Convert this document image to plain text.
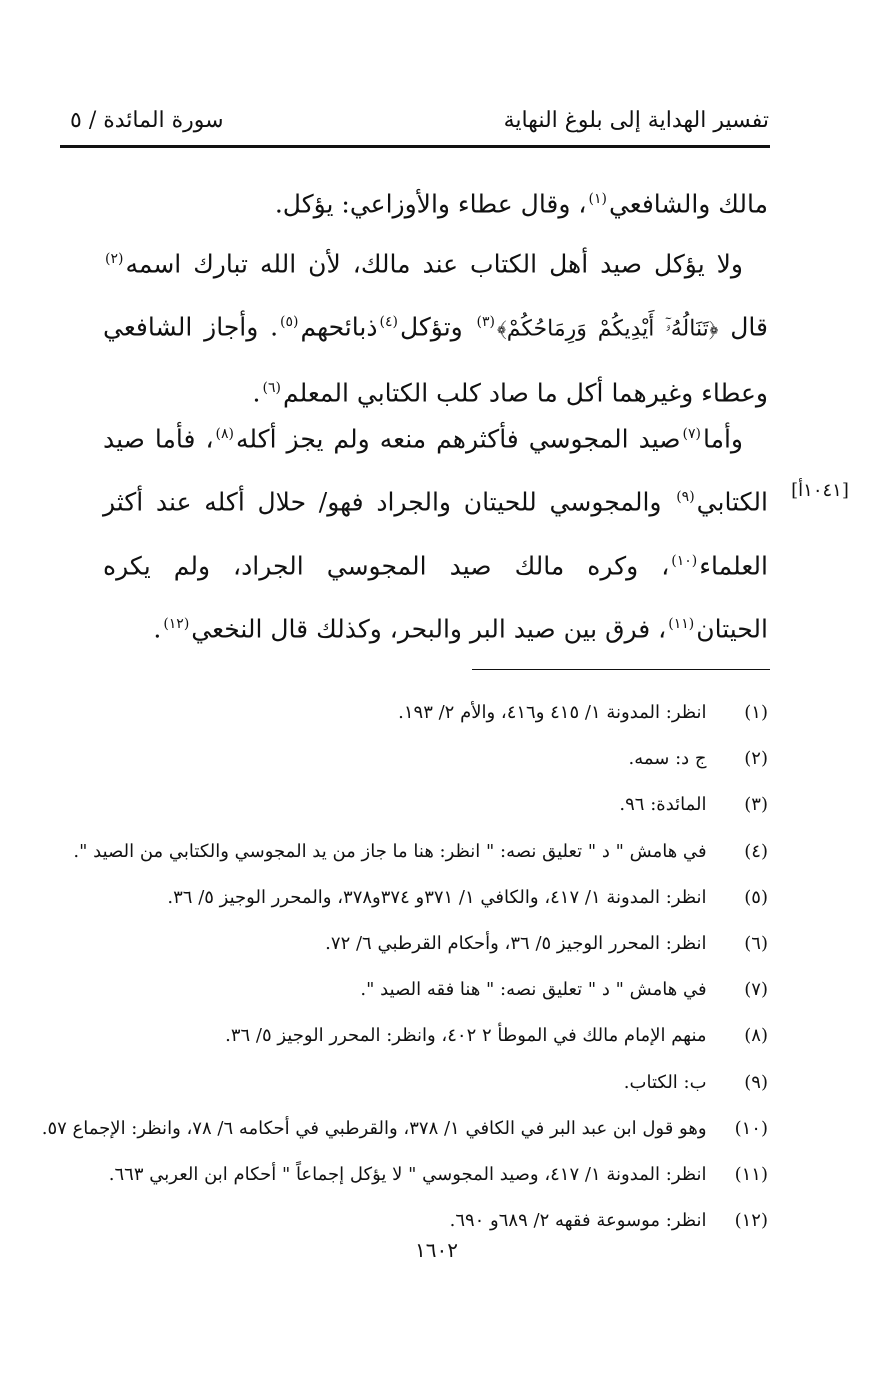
تفسير الهداية إلى بلوغ النهاية
سورة المائدة / ٥
مالك والشافعي$^{(١)}$، وقال عطاء والأوزاعي: يؤكل.
 ولا يؤكل صيد أهل الكتاب عند مالك، لأن الله تبارك اسمه$^{(٢)}$ قال ﴿تَنَالُهُۥٓ أَيْدِيكُمْ وَرِمَاحُكُمْ﴾$^{(٣)}$ وتؤكل$^{(٤)}$ذبائحهم$^{(٥)}$. وأجاز الشافعي وعطاء وغيرهما أكل ما صاد كلب الكتابي المعلم$^{(٦)}$.
 وأما$^{(٧)}$صيد المجوسي فأكثرهم منعه ولم يجز أكله$^{(٨)}$، فأما صيد الكتابي$^{(٩)}$ والمجوسي للحيتان والجراد فهو/ حلال أكله عند أكثر العلماء$^{(١٠)}$، وكره مالك صيد المجوسي الجراد، ولم يكره الحيتان$^{(١١)}$، فرق بين صيد البر والبحر، وكذلك قال النخعي$^{(١٢)}$.
[١٠٤١أ]
(١)  انظر: المدونة ١/ ٤١٥ و٤١٦، والأم ٢/ ١٩٣.
(٢)  ج د: سمه.
(٣)  المائدة: ٩٦.
(٤)  في هامش " د " تعليق نصه: " انظر: هنا ما جاز من يد المجوسي والكتابي من الصيد ".
(٥)  انظر: المدونة ١/ ٤١٧، والكافي ١/ ٣٧١و ٣٧٤و٣٧٨، والمحرر الوجيز ٥/ ٣٦.
(٦)  انظر: المحرر الوجيز ٥/ ٣٦، وأحكام القرطبي ٦/ ٧٢.
(٧)  في هامش " د " تعليق نصه: " هنا فقه الصيد ".
(٨)  منهم الإمام مالك في الموطأ ٢ ٤٠٢، وانظر: المحرر الوجيز ٥/ ٣٦.
(٩)  ب: الكتاب.
(١٠)  وهو قول ابن عبد البر في الكافي ١/ ٣٧٨، والقرطبي في أحكامه ٦/ ٧٨، وانظر: الإجماع ٥٧.
(١١)  انظر: المدونة ١/ ٤١٧، وصيد المجوسي " لا يؤكل إجماعاً " أحكام ابن العربي ٦٦٣.
(١٢)  انظر: موسوعة فقهه ٢/ ٦٨٩و ٦٩٠.
١٦٠٢
